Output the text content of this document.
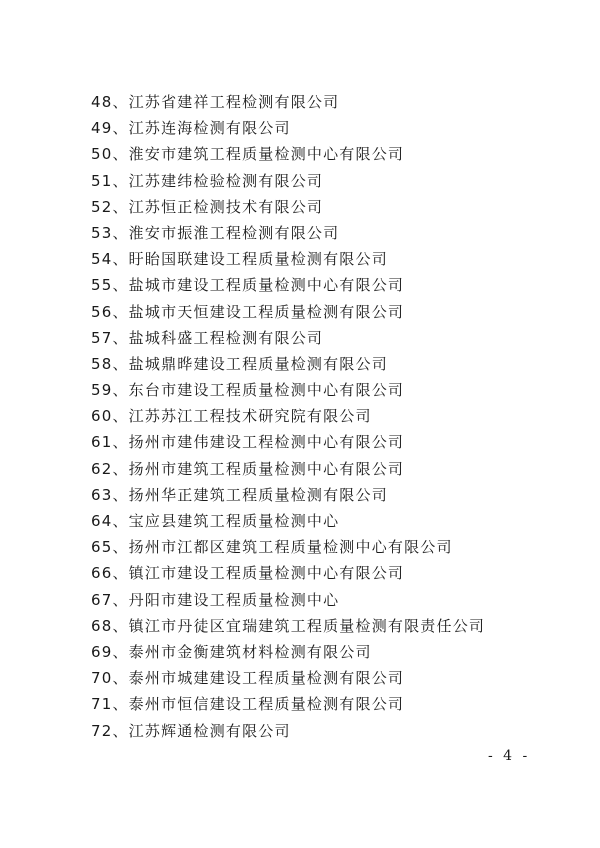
48、江苏省建祥工程检测有限公司
49、江苏连海检测有限公司
50、淮安市建筑工程质量检测中心有限公司
51、江苏建纬检验检测有限公司
52、江苏恒正检测技术有限公司
53、淮安市振淮工程检测有限公司
54、盱眙国联建设工程质量检测有限公司
55、盐城市建设工程质量检测中心有限公司
56、盐城市天恒建设工程质量检测有限公司
57、盐城科盛工程检测有限公司
58、盐城鼎晔建设工程质量检测有限公司
59、东台市建设工程质量检测中心有限公司
60、江苏苏江工程技术研究院有限公司
61、扬州市建伟建设工程检测中心有限公司
62、扬州市建筑工程质量检测中心有限公司
63、扬州华正建筑工程质量检测有限公司
64、宝应县建筑工程质量检测中心
65、扬州市江都区建筑工程质量检测中心有限公司
66、镇江市建设工程质量检测中心有限公司
67、丹阳市建设工程质量检测中心
68、镇江市丹徒区宜瑞建筑工程质量检测有限责任公司
69、泰州市金衡建筑材料检测有限公司
70、泰州市城建建设工程质量检测有限公司
71、泰州市恒信建设工程质量检测有限公司
72、江苏辉通检测有限公司
- 4 -
